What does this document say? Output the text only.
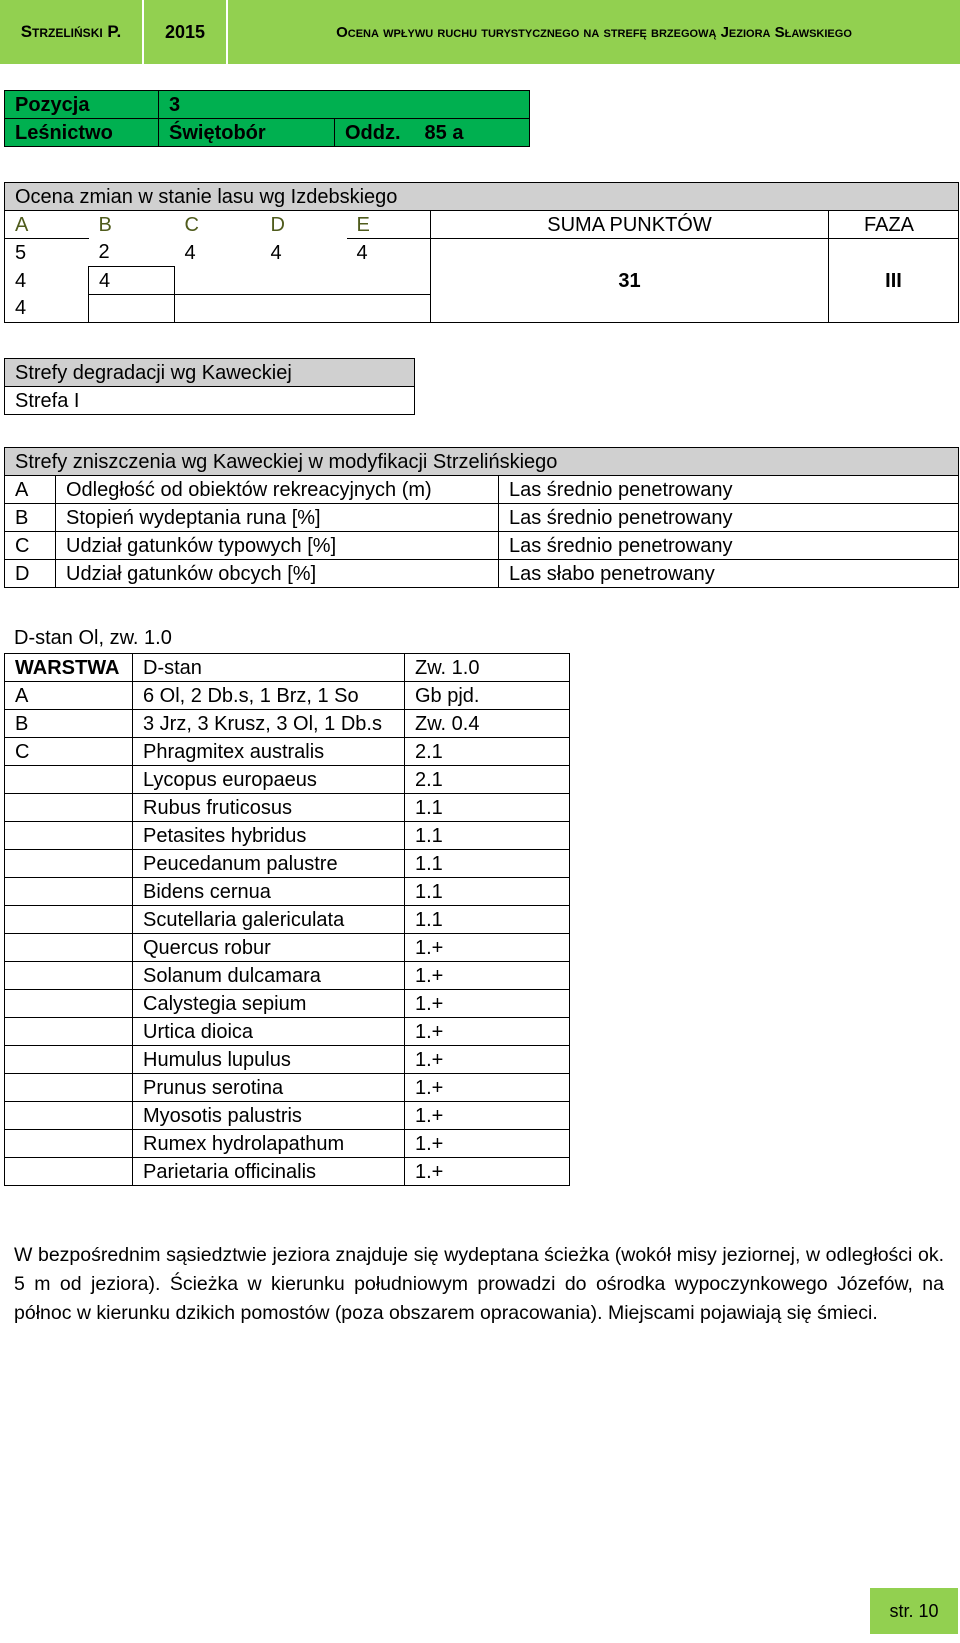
Strzeliński P.	2015	Ocena wpływu ruchu turystycznego na strefę brzegową Jeziora Sławskiego
Pozycja	3	
Leśnictwo	Świętobór	Oddz. 85 a
Ocena zmian w stanie lasu wg Izdebskiego						
A	B	C	D	E	SUMA PUNKTÓW	FAZA
5	2	4	4	4	31	III
4	4					
4						
Strefy degradacji wg Kaweckiej
Strefa I
Strefy zniszczenia wg Kaweckiej w modyfikacji Strzelińskiego		
A	Odległość od obiektów rekreacyjnych (m)	Las średnio penetrowany
B	Stopień wydeptania runa [%]	Las średnio penetrowany
C	Udział gatunków typowych [%]	Las średnio penetrowany
D	Udział gatunków obcych [%]	Las słabo penetrowany
D-stan Ol, zw. 1.0
WARSTWA	D-stan	Zw. 1.0
A	6 Ol, 2 Db.s, 1 Brz, 1 So	Gb pjd.
B	3 Jrz, 3 Krusz, 3 Ol, 1 Db.s	Zw. 0.4
C	Phragmitex australis	2.1
	Lycopus europaeus	2.1
	Rubus fruticosus	1.1
	Petasites hybridus	1.1
	Peucedanum palustre	1.1
	Bidens cernua	1.1
	Scutellaria galericulata	1.1
	Quercus robur	1.+
	Solanum dulcamara	1.+
	Calystegia sepium	1.+
	Urtica dioica	1.+
	Humulus lupulus	1.+
	Prunus serotina	1.+
	Myosotis palustris	1.+
	Rumex hydrolapathum	1.+
	Parietaria officinalis	1.+
W bezpośrednim sąsiedztwie jeziora znajduje się wydeptana ścieżka (wokół misy jeziornej, w odległości ok. 5 m od jeziora). Ścieżka w kierunku południowym prowadzi do ośrodka wypoczynkowego Józefów, na północ w kierunku dzikich pomostów (poza obszarem opracowania). Miejscami pojawiają się śmieci.
str. 10
